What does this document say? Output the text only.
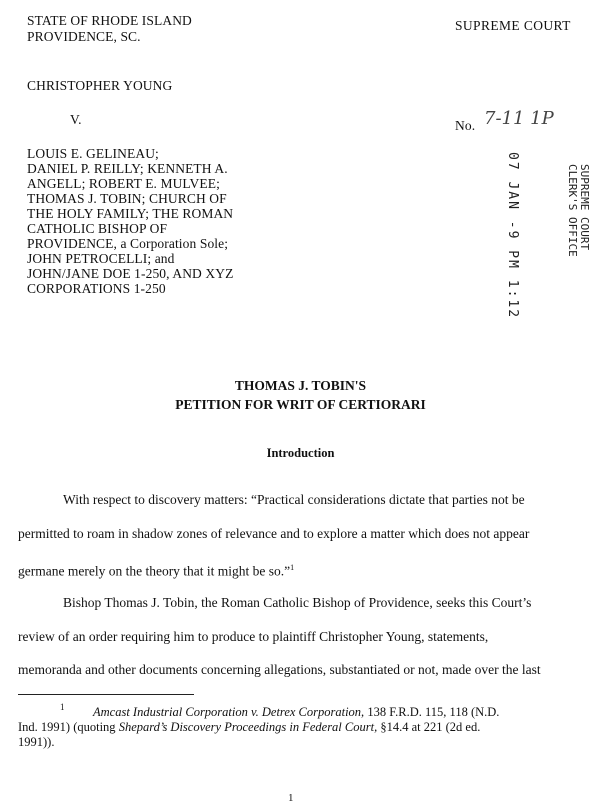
STATE OF RHODE ISLAND
PROVIDENCE, SC.
SUPREME COURT
CHRISTOPHER YOUNG
V.
LOUIS E. GELINEAU;
DANIEL P. REILLY; KENNETH A.
ANGELL; ROBERT E. MULVEE;
THOMAS J. TOBIN; CHURCH OF
THE HOLY FAMILY; THE ROMAN
CATHOLIC BISHOP OF
PROVIDENCE, a Corporation Sole;
JOHN PETROCELLI; and
JOHN/JANE DOE 1-250, AND XYZ
CORPORATIONS 1-250
No. 7-11 1P
07 JAN -9 PM 1:12	SUPREME COURT
CLERK'S OFFICE
THOMAS J. TOBIN'S
PETITION FOR WRIT OF CERTIORARI
Introduction
With respect to discovery matters: “Practical considerations dictate that parties not be
permitted to roam in shadow zones of relevance and to explore a matter which does not appear
germane merely on the theory that it might be so.”$^1$
Bishop Thomas J. Tobin, the Roman Catholic Bishop of Providence, seeks this Court’s
review of an order requiring him to produce to plaintiff Christopher Young, statements,
memoranda and other documents concerning allegations, substantiated or not, made over the last
1 Amcast Industrial Corporation v. Detrex Corporation, 138 F.R.D. 115, 118 (N.D.
Ind. 1991) (quoting Shepard’s Discovery Proceedings in Federal Court, §14.4 at 221 (2d ed.
1991)).
1
